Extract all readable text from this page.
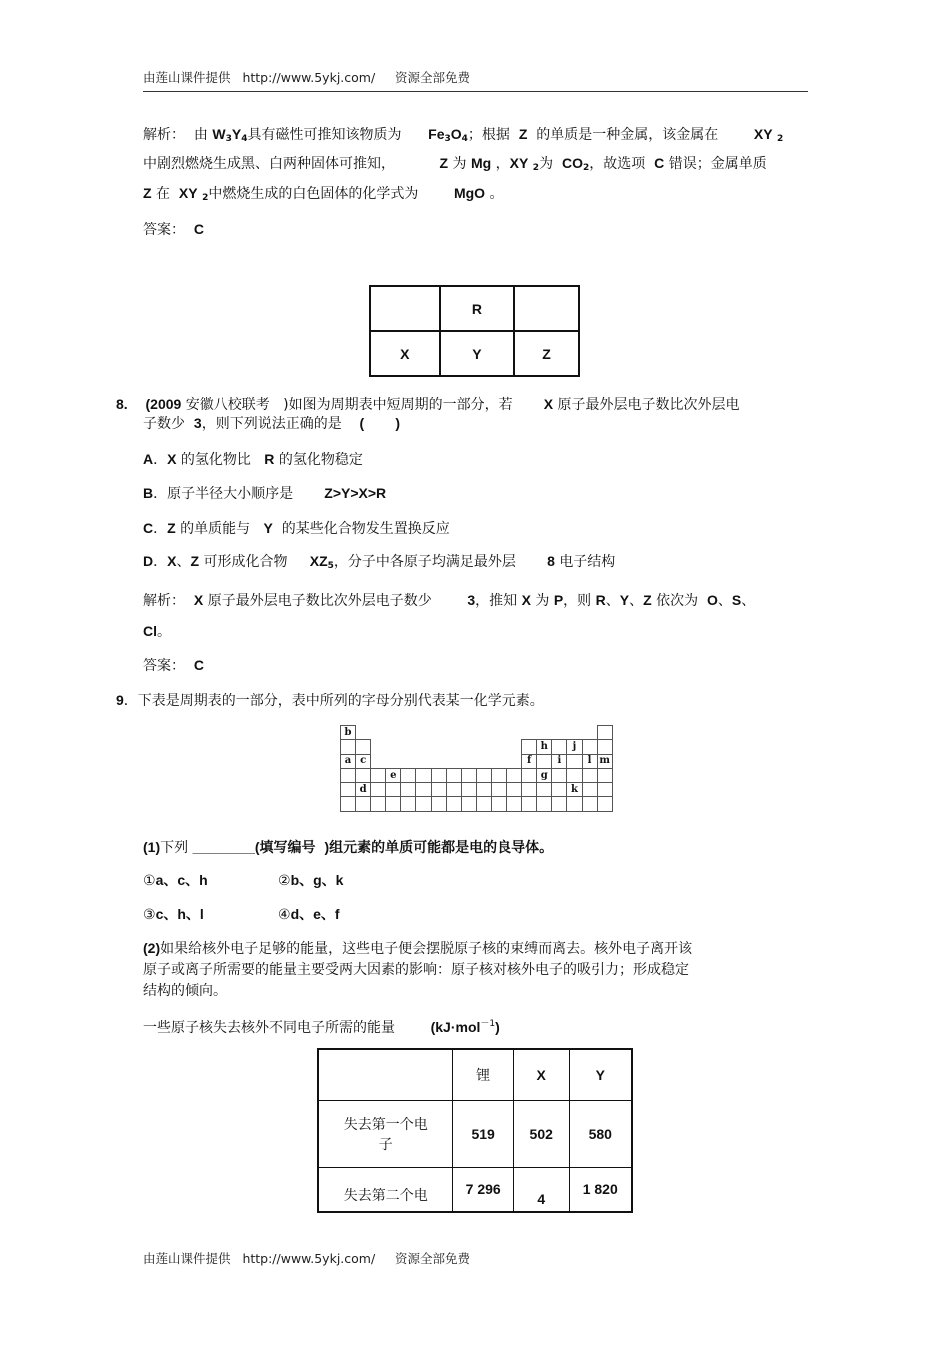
由莲山课件提供 http://www.5ykj.com/ 资源全部免费
解析： 由 $W_3Y_4$具有磁性可推知该物质为 $Fe_3O_4$；根据 Z 的单质是一种金属，该金属在	XY $_2$
中剧烈燃烧生成黑、白两种固体可推知，	Z 为 Mg ，XY $_2$为 $CO_2$，故选项 C 错误；金属单质
Z 在 XY $_2$中燃烧生成的白色固体的化学式为	MgO 。
答案： C
	R	
X	Y	Z
8. (2009 安徽八校联考 )如图为周期表中短周期的一部分，若 X 原子最外层电子数比次外层电
子数少 3，则下列说法正确的是 ( )
A．X 的氢化物比 R 的氢化物稳定
B．原子半径大小顺序是 Z>Y>X>R
C．Z 的单质能与 Y 的某些化合物发生置换反应
D．X、Z 可形成化合物 $XZ_5$，分子中各原子均满足最外层 8 电子结构
解析： X 原子最外层电子数比次外层电子数少	3，推知 X 为 P，则 R、Y、Z 依次为 O、S、
Cl。
答案： C
9．下表是周期表的一部分，表中所列的字母分别代表某一化学元素。
b																	
													h		j		
a	c											f		i		l	m
			e										g				
	d														k		

(1)下列 ________(填写编号 )组元素的单质可能都是电的良导体。
①a、c、h	②b、g、k
③c、h、l	④d、e、f
(2)如果给核外电子足够的能量，这些电子便会摆脱原子核的束缚而离去。核外电子离开该
原子或离子所需要的能量主要受两大因素的影响：原子核对核外电子的吸引力；形成稳定
结构的倾向。
一些原子核失去核外不同电子所需的能量	(kJ·mol$^{-1}$)
	锂	X	Y

失去第一个电
子	519	502	580
失去第二个电	7 296	4	1 820
由莲山课件提供 http://www.5ykj.com/ 资源全部免费
